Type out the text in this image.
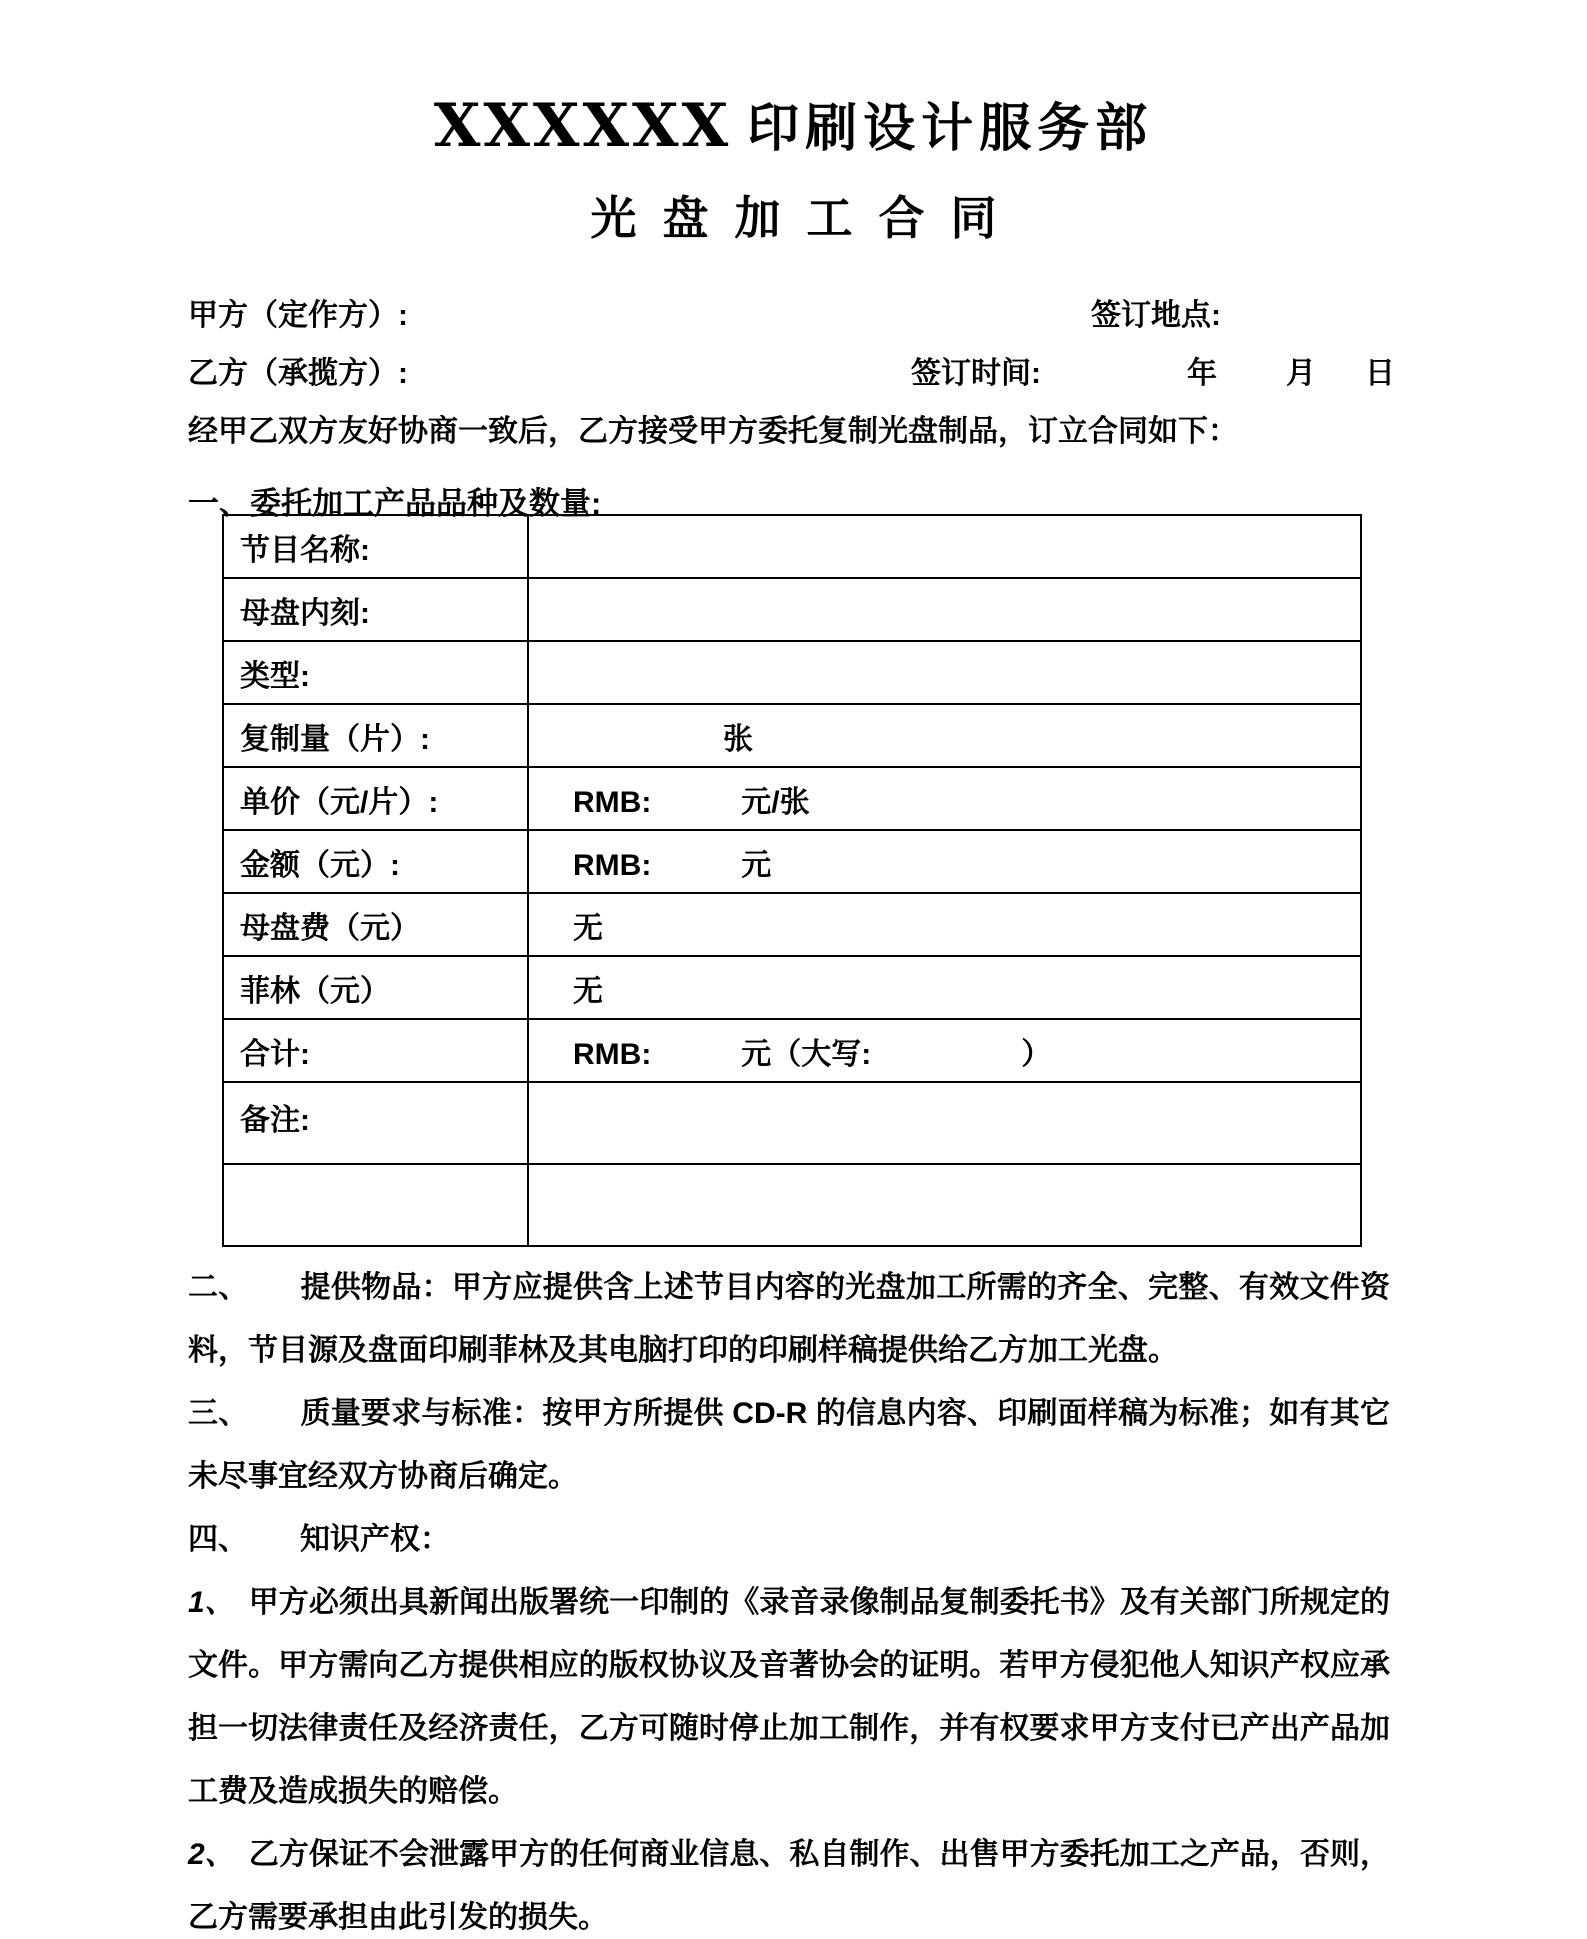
XXXXXX 印刷设计服务部
光盘加工合同
甲方（定作方）:	签订地点:
乙方（承揽方）:	签订时间:	年 月 日
经甲乙双方友好协商一致后，乙方接受甲方委托复制光盘制品，订立合同如下：
一、委托加工产品品种及数量:
节目名称:	
母盘内刻:	
类型:	
复制量（片）:	　　　　　张
单价（元/片）:	RMB:　　　元/张
金额（元）:	RMB:　　　元
母盘费（元）	无
菲林（元）	无
合计:	RMB:　　　元（大写:　　　　　）
备注:	

二、 提供物品：甲方应提供含上述节目内容的光盘加工所需的齐全、完整、有效文件资料，节目源及盘面印刷菲林及其电脑打印的印刷样稿提供给乙方加工光盘。

三、 质量要求与标准：按甲方所提供 CD-R 的信息内容、印刷面样稿为标准；如有其它未尽事宜经双方协商后确定。

四、 知识产权：

1、 甲方必须出具新闻出版署统一印制的《录音录像制品复制委托书》及有关部门所规定的文件。甲方需向乙方提供相应的版权协议及音著协会的证明。若甲方侵犯他人知识产权应承担一切法律责任及经济责任，乙方可随时停止加工制作，并有权要求甲方支付已产出产品加工费及造成损失的赔偿。

2、 乙方保证不会泄露甲方的任何商业信息、私自制作、出售甲方委托加工之产品，否则，乙方需要承担由此引发的损失。
